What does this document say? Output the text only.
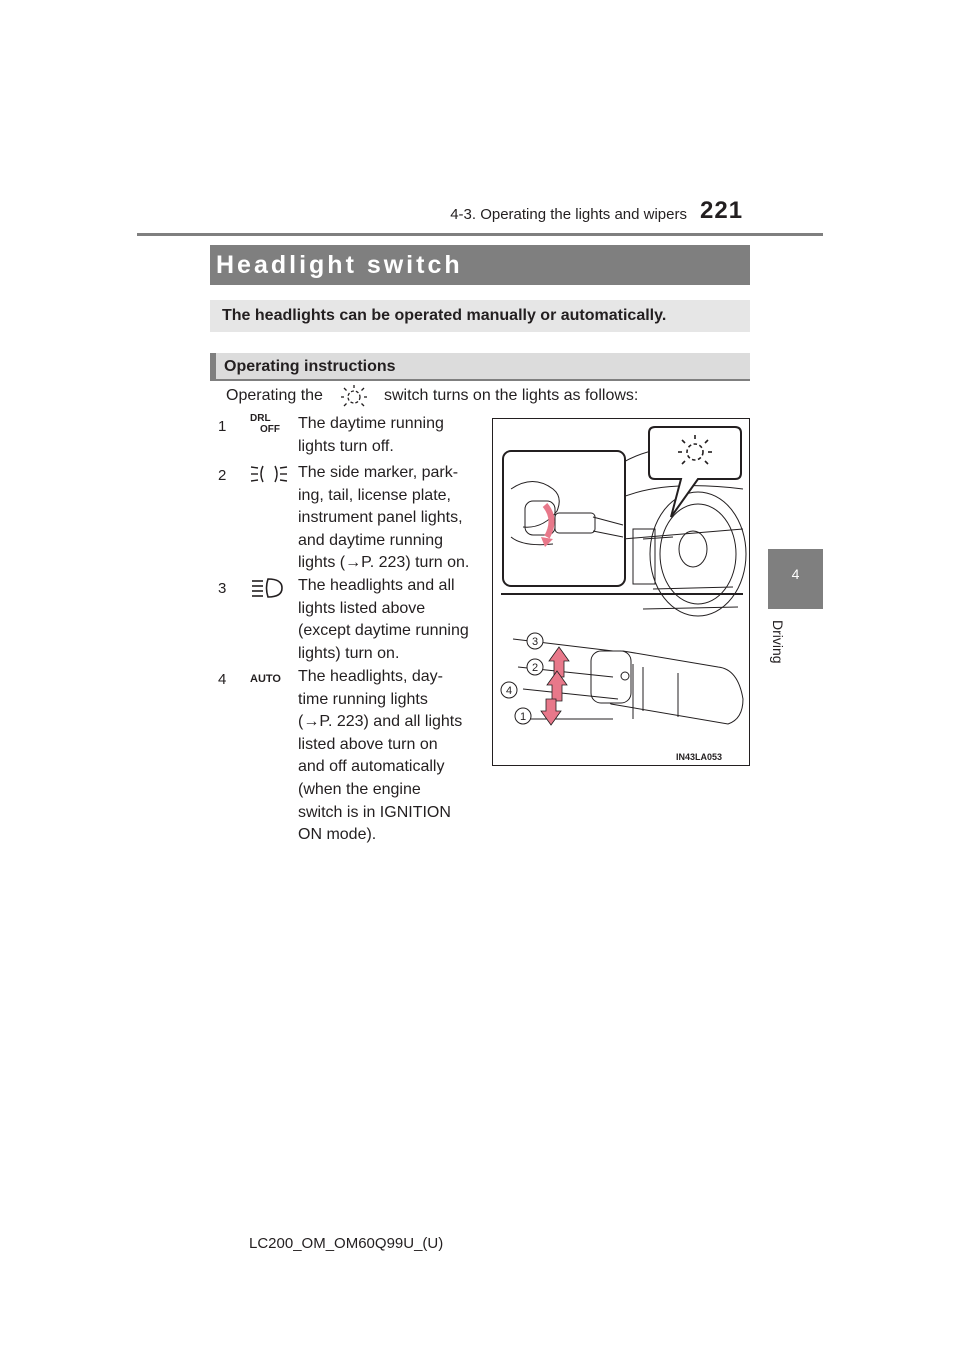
4-3. Operating the lights and wipers 221
4
Driving
Headlight switch
The headlights can be operated manually or automatically.
Operating instructions
Operating the	switch turns on the lights as follows:
1 DRL
OFF The daytime running
lights turn off.
2	The side marker, park-
ing, tail, license plate,
instrument panel lights,
and daytime running
lights (→P. 223) turn on.
3	The headlights and all
lights listed above
(except daytime running
lights) turn on.
4 AUTO The headlights, day-
time running lights
(→P. 223) and all lights
listed above turn on
and off automatically
(when the engine
switch is in IGNITION
ON mode).
3
2
4
1
IN43LA053
LC200_OM_OM60Q99U_(U)
